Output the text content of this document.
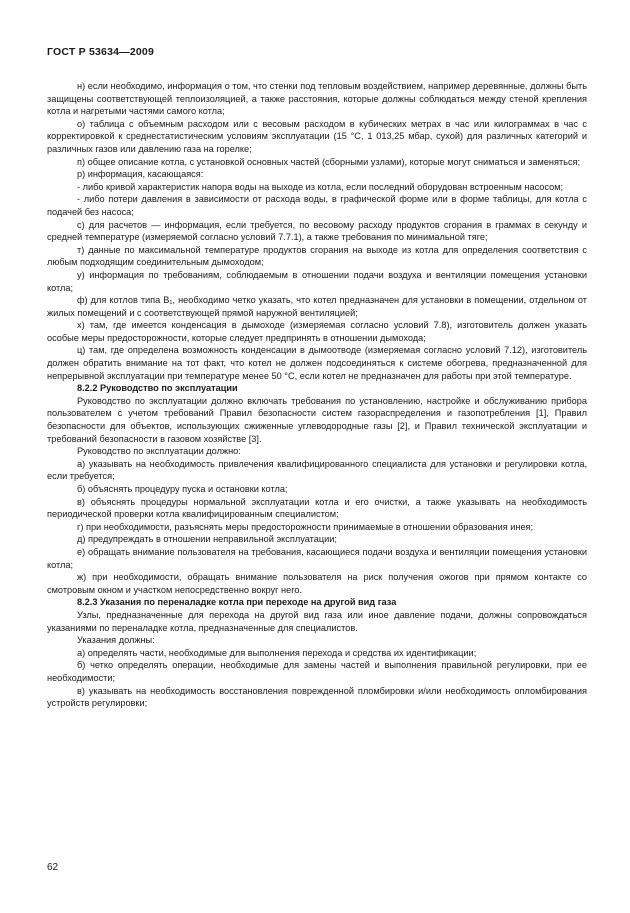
ГОСТ Р 53634—2009

н) если необходимо, информация о том, что стенки под тепловым воздействием, например деревянные, должны быть защищены соответствующей теплоизоляцией, а также расстояния, которые должны соблюдаться между стеной крепления котла и нагретыми частями самого котла;

о) таблица с объемным расходом или с весовым расходом в кубических метрах в час или килограммах в час с корректировкой к среднестатистическим условиям эксплуатации (15 °С, 1 013,25 мбар, сухой) для различных категорий и различных газов или давлению газа на горелке;

п) общее описание котла, с установкой основных частей (сборными узлами), которые могут сниматься и заменяться;

р) информация, касающаяся:

- либо кривой характеристик напора воды на выходе из котла, если последний оборудован встроенным насосом;

- либо потери давления в зависимости от расхода воды, в графической форме или в форме таблицы, для котла с подачей без насоса;

с) для расчетов — информация, если требуется, по весовому расходу продуктов сгорания в граммах в секунду и средней температуре (измеряемой согласно условий 7.7.1), а также требования по минимальной тяге;

т) данные по максимальной температуре продуктов сгорания на выходе из котла для определения соответствия с любым подходящим соединительным дымоходом;

у) информация по требованиям, соблюдаемым в отношении подачи воздуха и вентиляции помещения установки котла;

ф) для котлов типа B₁, необходимо четко указать, что котел предназначен для установки в помещении, отдельном от жилых помещений и с соответствующей прямой наружной вентиляцией;

х) там, где имеется конденсация в дымоходе (измеряемая согласно условий 7.8), изготовитель должен указать особые меры предосторожности, которые следует предпринять в отношении дымохода;

ц) там, где определена возможность конденсации в дымоотводе (измеряемая согласно условий 7.12), изготовитель должен обратить внимание на тот факт, что котел не должен подсоединяться к системе обогрева, предназначенной для непрерывной эксплуатации при температуре менее 50 °С, если котел не предназначен для работы при этой температуре.

8.2.2 Руководство по эксплуатации

Руководство по эксплуатации должно включать требования по установлению, настройке и обслуживанию прибора пользователем с учетом требований Правил безопасности систем газораспределения и газопотребления [1], Правил безопасности для объектов, использующих сжиженные углеводородные газы [2], и Правил технической эксплуатации и требований безопасности в газовом хозяйстве [3].

Руководство по эксплуатации должно:

а) указывать на необходимость привлечения квалифицированного специалиста для установки и регулировки котла, если требуется;

б) объяснять процедуру пуска и остановки котла;

в) объяснять процедуры нормальной эксплуатации котла и его очистки, а также указывать на необходимость периодической проверки котла квалифицированным специалистом;

г) при необходимости, разъяснять меры предосторожности принимаемые в отношении образования инея;

д) предупреждать в отношении неправильной эксплуатации;

е) обращать внимание пользователя на требования, касающиеся подачи воздуха и вентиляции помещения установки котла;

ж) при необходимости, обращать внимание пользователя на риск получения ожогов при прямом контакте со смотровым окном и участком непосредственно вокруг него.

8.2.3 Указания по переналадке котла при переходе на другой вид газа

Узлы, предназначенные для перехода на другой вид газа или иное давление подачи, должны сопровождаться указаниями по переналадке котла, предназначенные для специалистов.

Указания должны:

а) определять части, необходимые для выполнения перехода и средства их идентификации;

б) четко определять операции, необходимые для замены частей и выполнения правильной регулировки, при ее необходимости;

в) указывать на необходимость восстановления поврежденной пломбировки и/или необходимость опломбирования устройств регулировки;

62
